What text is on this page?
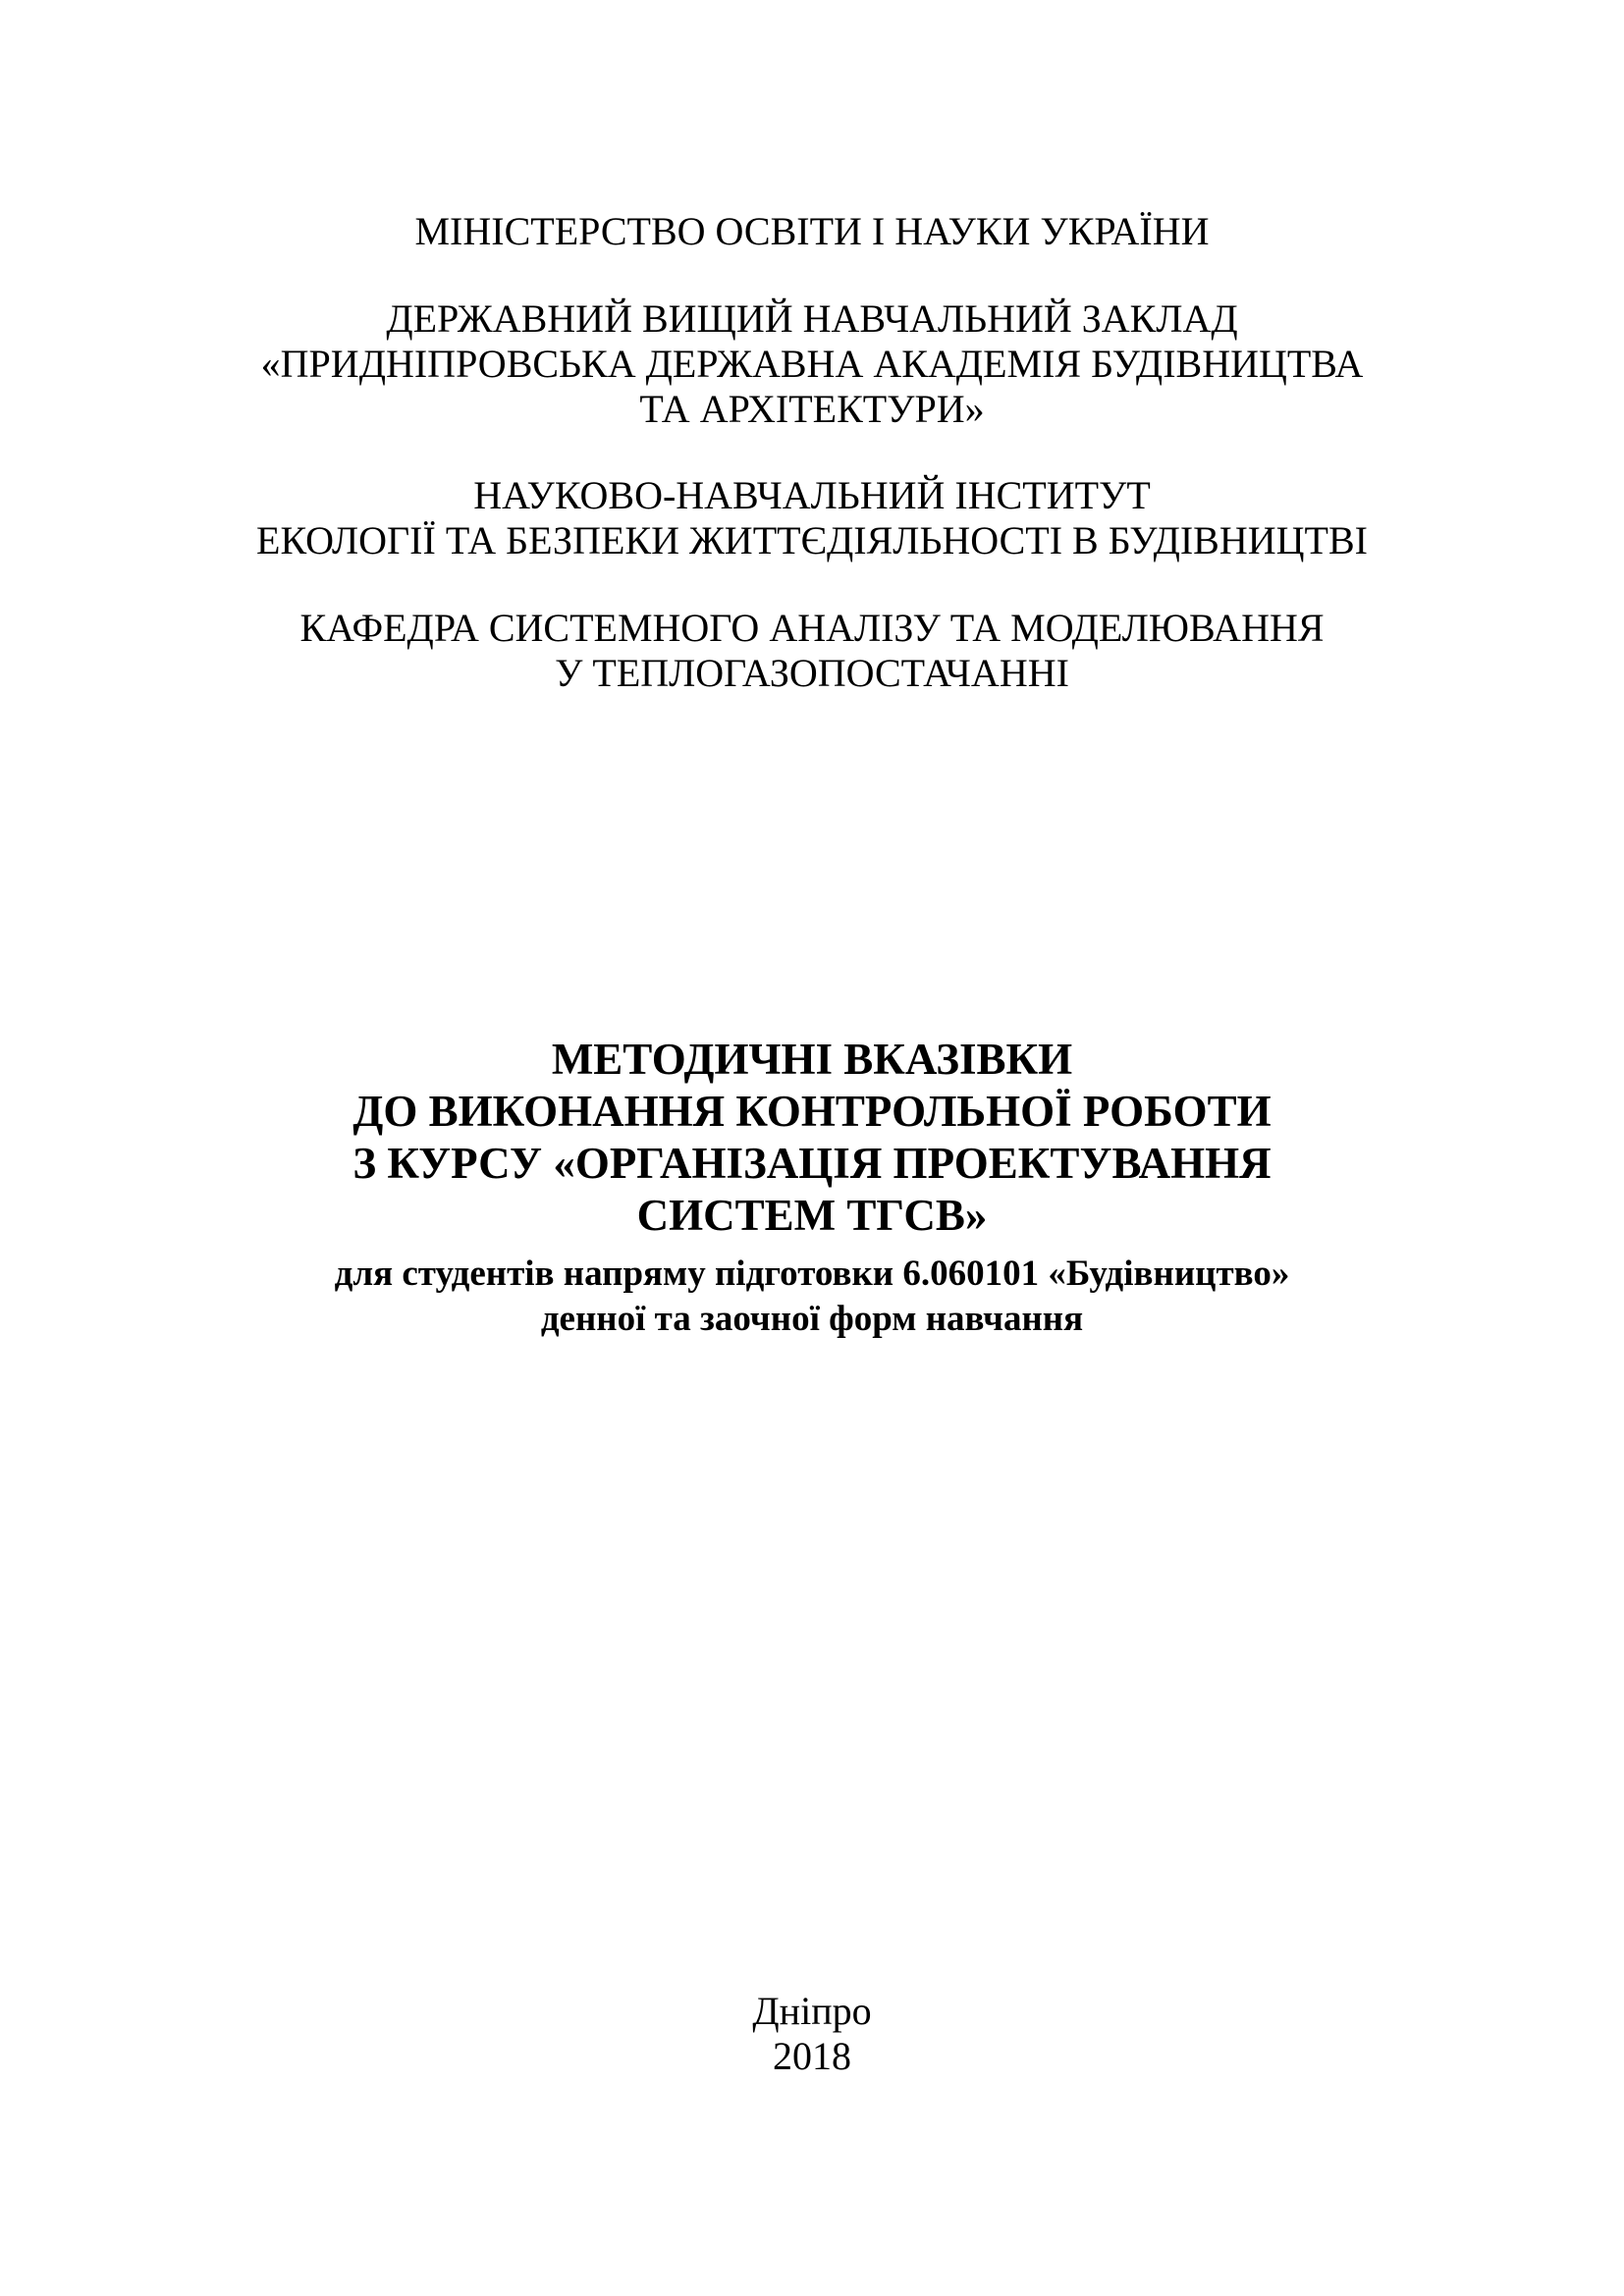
МІНІСТЕРСТВО ОСВІТИ І НАУКИ УКРАЇНИ
ДЕРЖАВНИЙ ВИЩИЙ НАВЧАЛЬНИЙ ЗАКЛАД
«ПРИДНІПРОВСЬКА ДЕРЖАВНА АКАДЕМІЯ БУДІВНИЦТВА
ТА АРХІТЕКТУРИ»
НАУКОВО-НАВЧАЛЬНИЙ ІНСТИТУТ
ЕКОЛОГІЇ ТА БЕЗПЕКИ ЖИТТЄДІЯЛЬНОСТІ В БУДІВНИЦТВІ
КАФЕДРА СИСТЕМНОГО АНАЛІЗУ ТА МОДЕЛЮВАННЯ
У ТЕПЛОГАЗОПОСТАЧАННІ
МЕТОДИЧНІ ВКАЗІВКИ
ДО ВИКОНАННЯ КОНТРОЛЬНОЇ РОБОТИ
З КУРСУ «ОРГАНІЗАЦІЯ ПРОЕКТУВАННЯ
СИСТЕМ ТГСВ»
для студентів напряму підготовки 6.060101 «Будівництво»
денної та заочної форм навчання
Дніпро
2018
